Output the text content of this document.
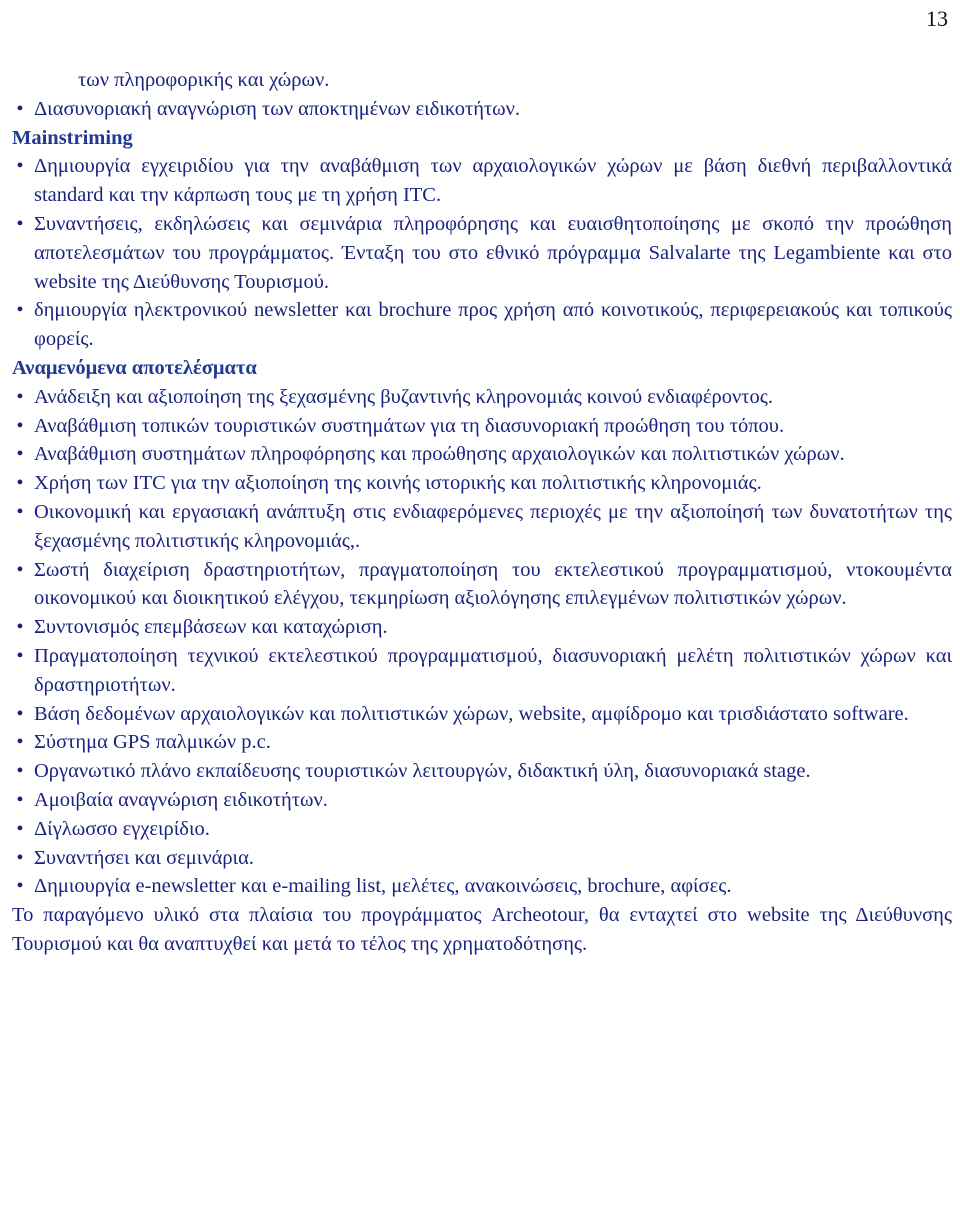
13

των πληροφορικής και χώρων.

• Διασυνοριακή αναγνώριση των αποκτημένων ειδικοτήτων.

Mainstriming

• Δημιουργία εγχειριδίου για την αναβάθμιση των αρχαιολογικών χώρων με βάση διεθνή περιβαλλοντικά standard και την κάρπωση τους με τη χρήση ITC.
• Συναντήσεις, εκδηλώσεις και σεμινάρια πληροφόρησης και ευαισθητοποίησης με σκοπό την προώθηση αποτελεσμάτων του προγράμματος. Ένταξη του στο εθνικό πρόγραμμα Salvalarte της Legambiente και στο website της Διεύθυνσης Τουρισμού.
• δημιουργία ηλεκτρονικού newsletter και brochure προς χρήση από κοινοτικούς, περιφερειακούς και τοπικούς φορείς.

Αναμενόμενα αποτελέσματα

• Ανάδειξη και αξιοποίηση της ξεχασμένης βυζαντινής κληρονομιάς κοινού ενδιαφέροντος.
• Αναβάθμιση τοπικών τουριστικών συστημάτων για τη διασυνοριακή προώθηση του τόπου.
• Αναβάθμιση συστημάτων πληροφόρησης και προώθησης αρχαιολογικών και πολιτιστικών χώρων.
• Χρήση των ITC για την αξιοποίηση της κοινής ιστορικής και πολιτιστικής κληρονομιάς.
• Οικονομική και εργασιακή ανάπτυξη στις ενδιαφερόμενες περιοχές με την αξιοποίησή των δυνατοτήτων της ξεχασμένης πολιτιστικής κληρονομιάς,.
• Σωστή διαχείριση δραστηριοτήτων, πραγματοποίηση του εκτελεστικού προγραμματισμού, ντοκουμέντα οικονομικού και διοικητικού ελέγχου, τεκμηρίωση αξιολόγησης επιλεγμένων πολιτιστικών χώρων.
• Συντονισμός επεμβάσεων και καταχώριση.
• Πραγματοποίηση τεχνικού εκτελεστικού προγραμματισμού, διασυνοριακή μελέτη πολιτιστικών χώρων και δραστηριοτήτων.
• Βάση δεδομένων αρχαιολογικών και πολιτιστικών χώρων, website, αμφίδρομο και τρισδιάστατο software.
• Σύστημα GPS παλμικών p.c.
• Οργανωτικό πλάνο εκπαίδευσης τουριστικών λειτουργών, διδακτική ύλη, διασυνοριακά stage.
• Αμοιβαία αναγνώριση ειδικοτήτων.
• Δίγλωσσο εγχειρίδιο.
• Συναντήσει και σεμινάρια.
• Δημιουργία e-newsletter και e-mailing list, μελέτες, ανακοινώσεις, brochure, αφίσες.

Το παραγόμενο υλικό στα πλαίσια του προγράμματος Archeotour, θα ενταχτεί στο website της Διεύθυνσης Τουρισμού και θα αναπτυχθεί και μετά το τέλος της χρηματοδότησης.
